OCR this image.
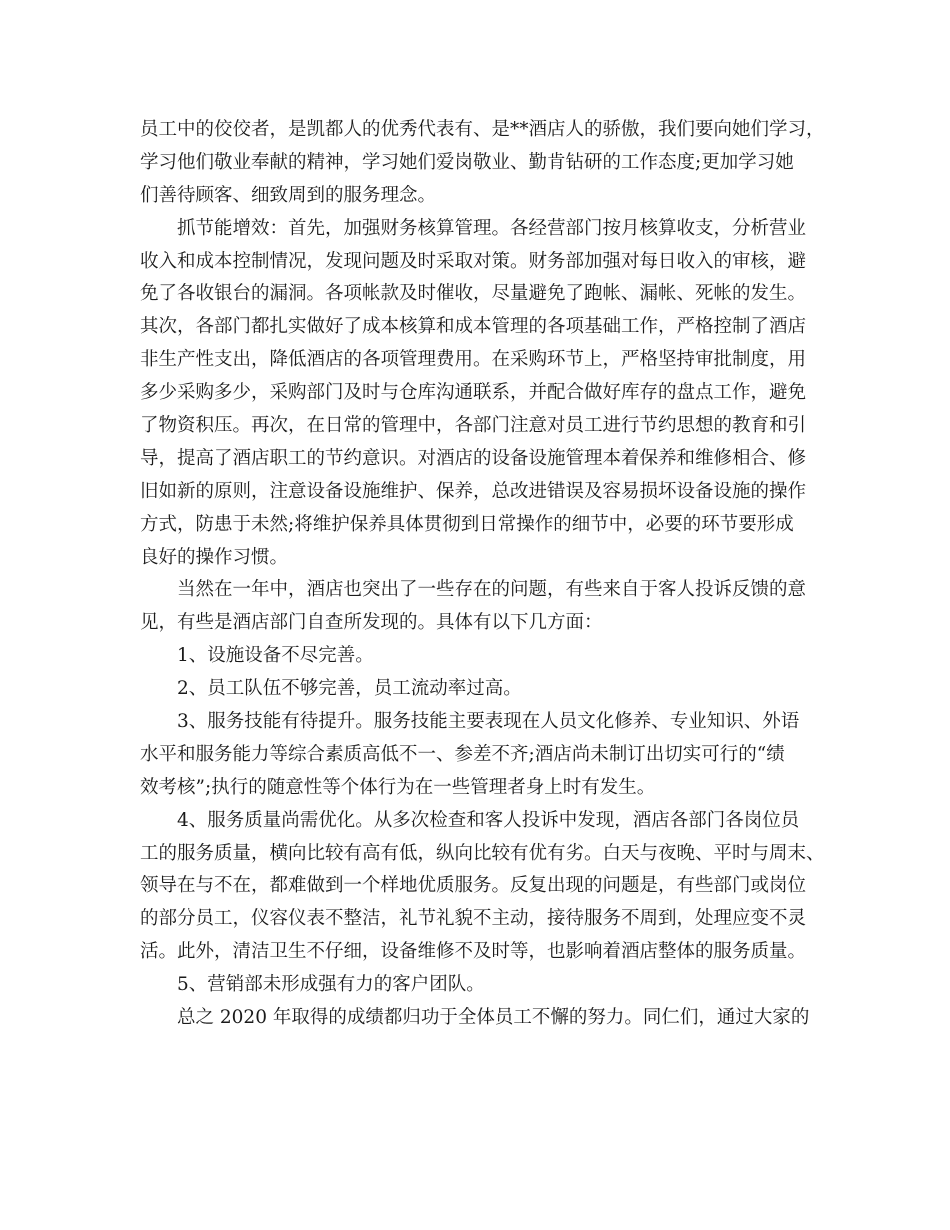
员工中的佼佼者，是凯都人的优秀代表有、是**酒店人的骄傲，我们要向她们学习，
学习他们敬业奉献的精神，学习她们爱岗敬业、勤肯钻研的工作态度;更加学习她
们善待顾客、细致周到的服务理念。
抓节能增效：首先，加强财务核算管理。各经营部门按月核算收支，分析营业
收入和成本控制情况，发现问题及时采取对策。财务部加强对每日收入的审核，避
免了各收银台的漏洞。各项帐款及时催收，尽量避免了跑帐、漏帐、死帐的发生。
其次，各部门都扎实做好了成本核算和成本管理的各项基础工作，严格控制了酒店
非生产性支出，降低酒店的各项管理费用。在采购环节上，严格坚持审批制度，用
多少采购多少，采购部门及时与仓库沟通联系，并配合做好库存的盘点工作，避免
了物资积压。再次，在日常的管理中，各部门注意对员工进行节约思想的教育和引
导，提高了酒店职工的节约意识。对酒店的设备设施管理本着保养和维修相合、修
旧如新的原则，注意设备设施维护、保养，总改进错误及容易损坏设备设施的操作
方式，防患于未然;将维护保养具体贯彻到日常操作的细节中，必要的环节要形成
良好的操作习惯。
当然在一年中，酒店也突出了一些存在的问题，有些来自于客人投诉反馈的意
见，有些是酒店部门自查所发现的。具体有以下几方面：
1、设施设备不尽完善。
2、员工队伍不够完善，员工流动率过高。
3、服务技能有待提升。服务技能主要表现在人员文化修养、专业知识、外语
水平和服务能力等综合素质高低不一、参差不齐;酒店尚未制订出切实可行的“绩
效考核”;执行的随意性等个体行为在一些管理者身上时有发生。
4、服务质量尚需优化。从多次检查和客人投诉中发现，酒店各部门各岗位员
工的服务质量，横向比较有高有低，纵向比较有优有劣。白天与夜晚、平时与周末、
领导在与不在，都难做到一个样地优质服务。反复出现的问题是，有些部门或岗位
的部分员工，仪容仪表不整洁，礼节礼貌不主动，接待服务不周到，处理应变不灵
活。此外，清洁卫生不仔细，设备维修不及时等，也影响着酒店整体的服务质量。
5、营销部未形成强有力的客户团队。
总之 2020 年取得的成绩都归功于全体员工不懈的努力。同仁们，通过大家的
